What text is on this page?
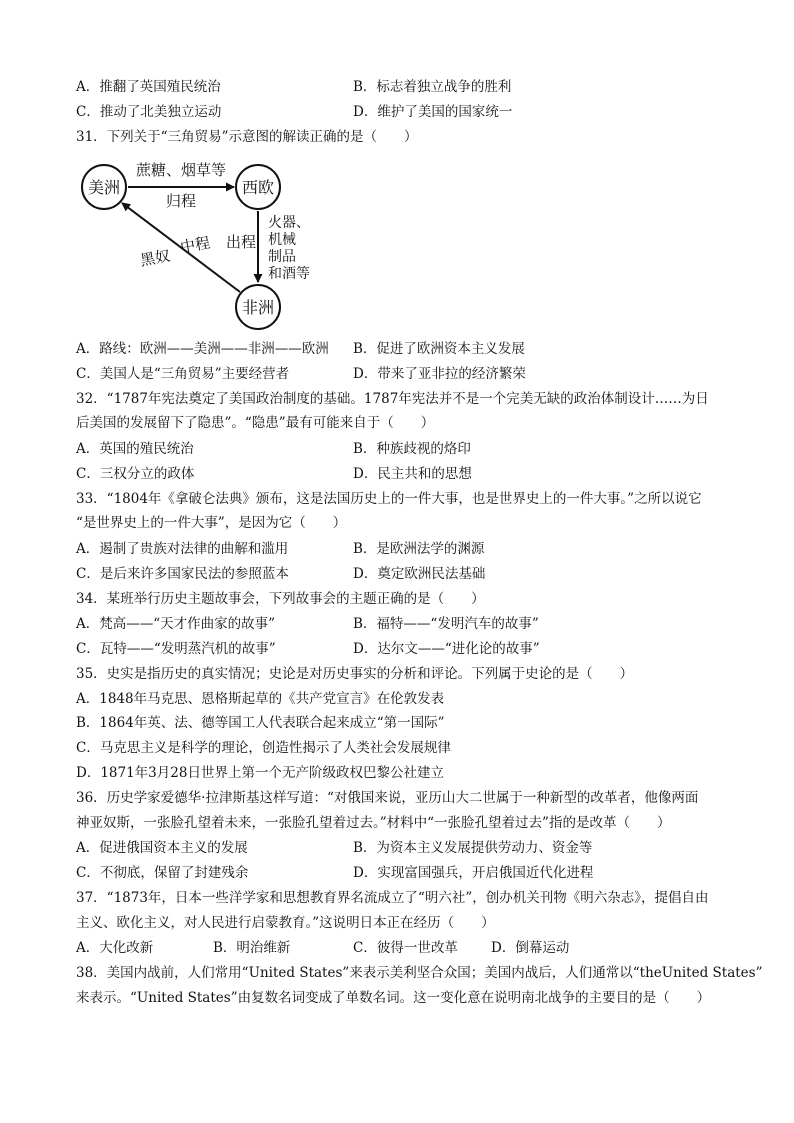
A．推翻了英国殖民统治	B．标志着独立战争的胜利
C．推动了北美独立运动	D．维护了美国的国家统一
31．下列关于“三角贸易”示意图的解读正确的是（　　）
美洲	西欧
非洲
蔗糖、烟草等
归程
出程
火器、
机械
制品
和酒等
中程
黑奴
A．路线：欧洲——美洲——非洲——欧洲 B．促进了欧洲资本主义发展
C．美国人是“三角贸易”主要经营者	D．带来了亚非拉的经济繁荣
32．“1787年宪法奠定了美国政治制度的基础。1787年宪法并不是一个完美无缺的政治体制设计……为日
后美国的发展留下了隐患”。“隐患”最有可能来自于（　　）
A．英国的殖民统治	B．种族歧视的烙印
C．三权分立的政体	D．民主共和的思想
33．“1804年《拿破仑法典》颁布，这是法国历史上的一件大事，也是世界史上的一件大事。”之所以说它
“是世界史上的一件大事”，是因为它（　　）
A．遏制了贵族对法律的曲解和滥用	B．是欧洲法学的渊源
C．是后来许多国家民法的参照蓝本	D．奠定欧洲民法基础
34．某班举行历史主题故事会，下列故事会的主题正确的是（　　）
A．梵高——“天才作曲家的故事”	B．福特——“发明汽车的故事”
C．瓦特——“发明蒸汽机的故事”	D．达尔文——“进化论的故事”
35．史实是指历史的真实情况；史论是对历史事实的分析和评论。下列属于史论的是（　　）
A．1848年马克思、恩格斯起草的《共产党宣言》在伦敦发表
B．1864年英、法、德等国工人代表联合起来成立“第一国际”
C．马克思主义是科学的理论，创造性揭示了人类社会发展规律
D．1871年3月28日世界上第一个无产阶级政权巴黎公社建立
36．历史学家爱德华·拉津斯基这样写道：“对俄国来说，亚历山大二世属于一种新型的改革者，他像两面
神亚奴斯，一张脸孔望着未来，一张脸孔望着过去。”材料中“一张脸孔望着过去”指的是改革（　　）
A．促进俄国资本主义的发展	B．为资本主义发展提供劳动力、资金等
C．不彻底，保留了封建残余	D．实现富国强兵，开启俄国近代化进程
37．“1873年，日本一些洋学家和思想教育界名流成立了“明六社”，创办机关刊物《明六杂志》，提倡自由
主义、欧化主义，对人民进行启蒙教育。”这说明日本正在经历（　　）
A．大化改新	B．明治维新	C．彼得一世改革 D．倒幕运动
38．美国内战前，人们常用“United States”来表示美利坚合众国；美国内战后，人们通常以“theUnited States”
来表示。“United States”由复数名词变成了单数名词。这一变化意在说明南北战争的主要目的是（　　）
